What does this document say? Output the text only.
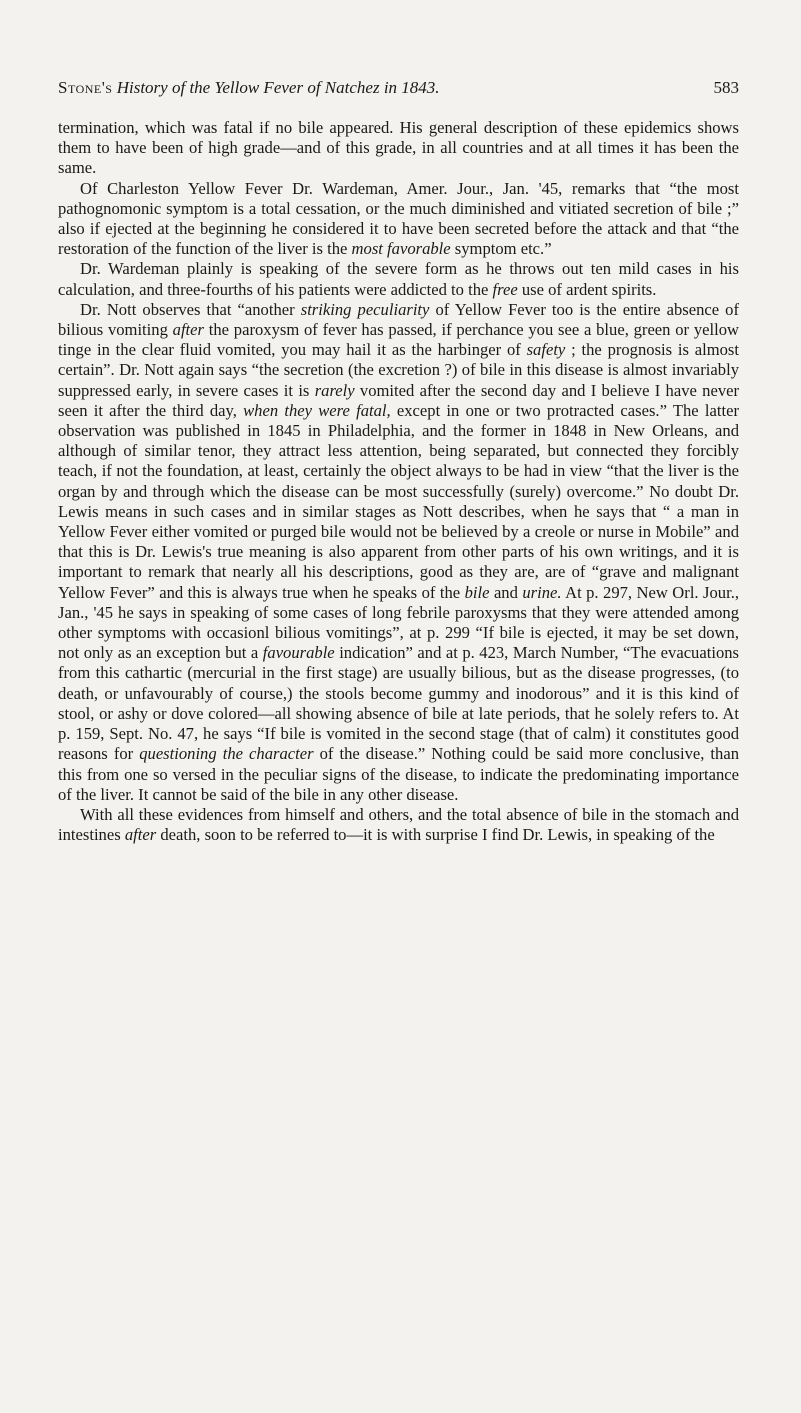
Stone's History of the Yellow Fever of Natchez in 1843.	583

termination, which was fatal if no bile appeared. His general description of these epidemics shows them to have been of high grade—and of this grade, in all countries and at all times it has been the same.

Of Charleston Yellow Fever Dr. Wardeman, Amer. Jour., Jan. '45, remarks that “the most pathognomonic symptom is a total cessation, or the much diminished and vitiated secretion of bile ;” also if ejected at the beginning he considered it to have been secreted before the attack and that “the restoration of the function of the liver is the most favorable symptom etc.”

Dr. Wardeman plainly is speaking of the severe form as he throws out ten mild cases in his calculation, and three-fourths of his patients were addicted to the free use of ardent spirits.

Dr. Nott observes that “another striking peculiarity of Yellow Fever too is the entire absence of bilious vomiting after the paroxysm of fever has passed, if perchance you see a blue, green or yellow tinge in the clear fluid vomited, you may hail it as the harbinger of safety ; the prognosis is almost certain”. Dr. Nott again says “the secretion (the excretion ?) of bile in this disease is almost invariably suppressed early, in severe cases it is rarely vomited after the second day and I believe I have never seen it after the third day, when they were fatal, except in one or two protracted cases.” The latter observation was published in 1845 in Philadelphia, and the former in 1848 in New Orleans, and although of similar tenor, they attract less attention, being separated, but connected they forcibly teach, if not the foundation, at least, certainly the object always to be had in view “that the liver is the organ by and through which the disease can be most successfully (surely) overcome.” No doubt Dr. Lewis means in such cases and in similar stages as Nott describes, when he says that “ a man in Yellow Fever either vomited or purged bile would not be believed by a creole or nurse in Mobile” and that this is Dr. Lewis's true meaning is also apparent from other parts of his own writings, and it is important to remark that nearly all his descriptions, good as they are, are of “grave and malignant Yellow Fever” and this is always true when he speaks of the bile and urine. At p. 297, New Orl. Jour., Jan., '45 he says in speaking of some cases of long febrile paroxysms that they were attended among other symptoms with occasionl bilious vomitings”, at p. 299 “If bile is ejected, it may be set down, not only as an exception but a favourable indication” and at p. 423, March Number, “The evacuations from this cathartic (mercurial in the first stage) are usually bilious, but as the disease progresses, (to death, or unfavourably of course,) the stools become gummy and inodorous” and it is this kind of stool, or ashy or dove colored—all showing absence of bile at late periods, that he solely refers to. At p. 159, Sept. No. 47, he says “If bile is vomited in the second stage (that of calm) it constitutes good reasons for questioning the character of the disease.” Nothing could be said more conclusive, than this from one so versed in the peculiar signs of the disease, to indicate the predominating importance of the liver. It cannot be said of the bile in any other disease.

With all these evidences from himself and others, and the total absence of bile in the stomach and intestines after death, soon to be referred to—it is with surprise I find Dr. Lewis, in speaking of the
